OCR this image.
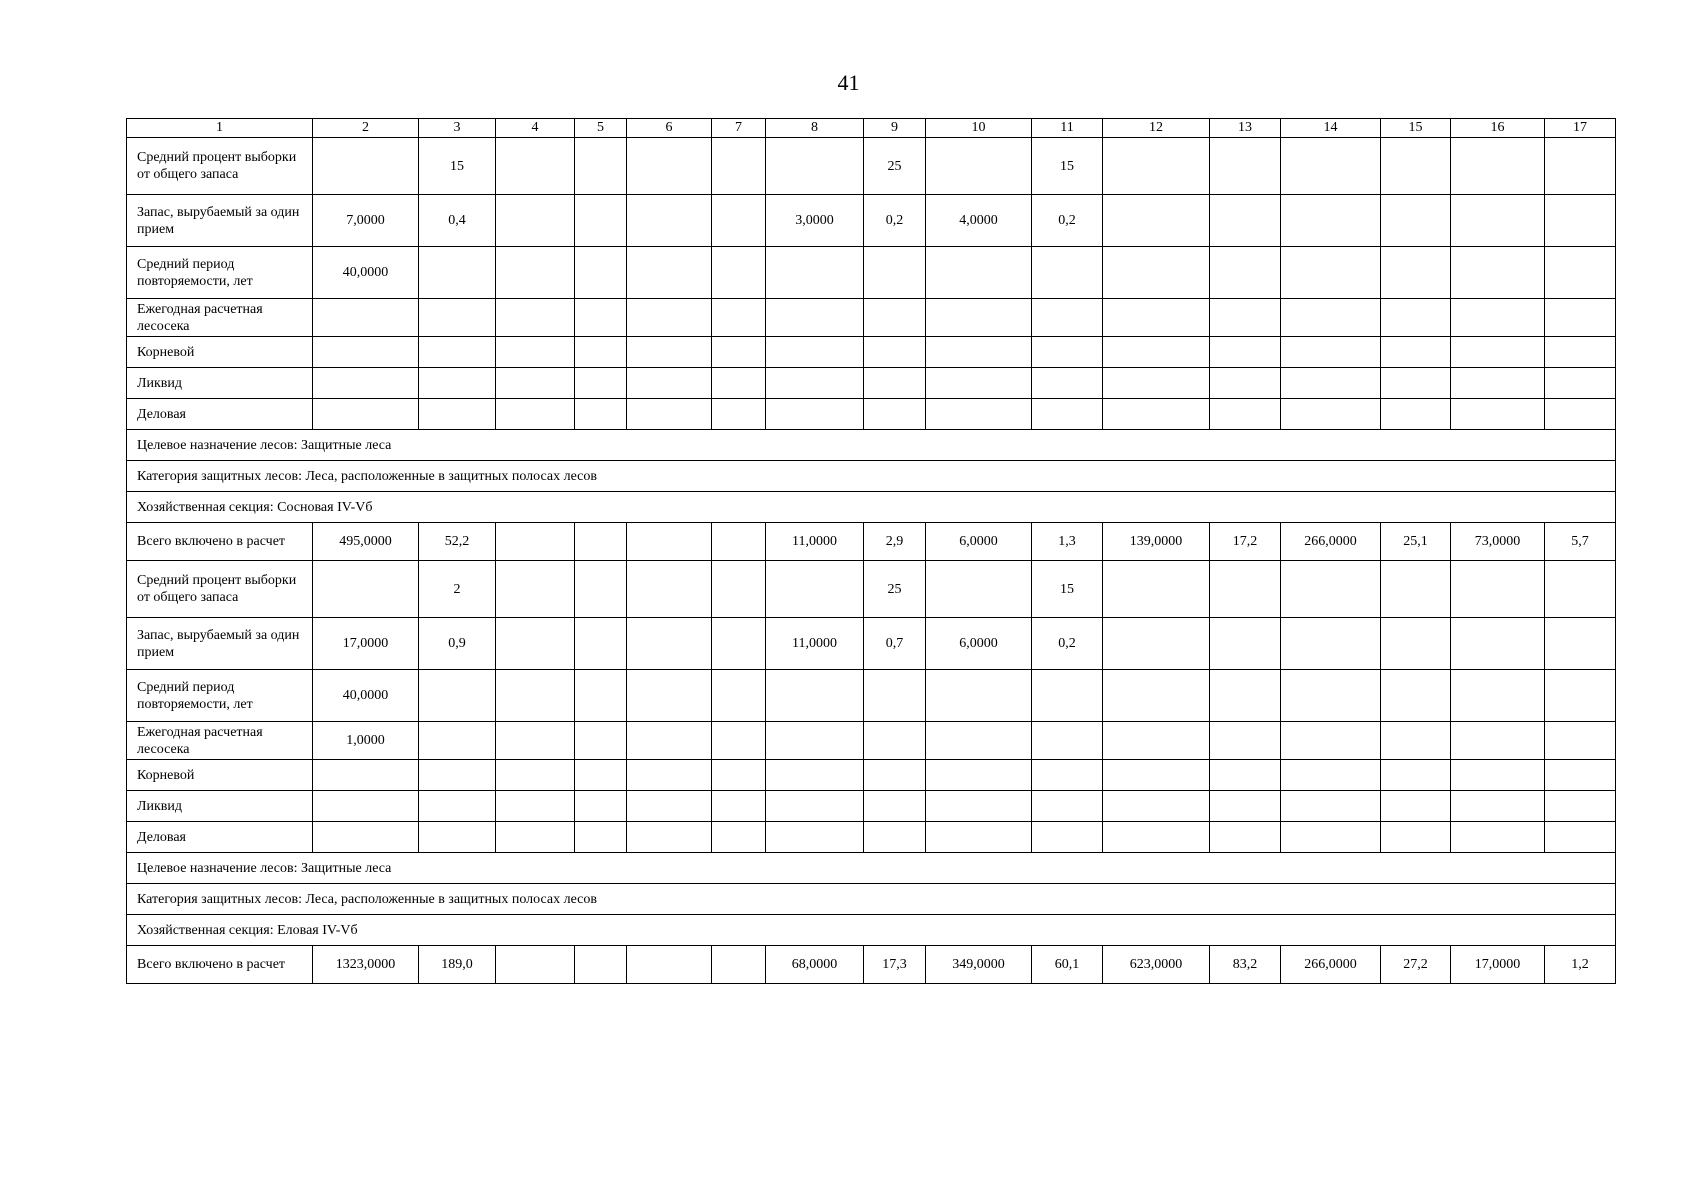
41
1	2	3	4	5	6	7	8	9	10	11	12	13	14	15	16	17
Средний процент выборки от общего запаса		15						25		15						
Запас, вырубаемый за один прием	7,0000	0,4					3,0000	0,2	4,0000	0,2						
Средний период повторяемости, лет	40,0000															
Ежегодная расчетная лесосека																
Корневой																
Ликвид																
Деловая																
Целевое назначение лесов: Защитные леса																
Категория защитных лесов: Леса, расположенные в защитных полосах лесов																
Хозяйственная секция: Сосновая IV-Vб																
Всего включено в расчет	495,0000	52,2					11,0000	2,9	6,0000	1,3	139,0000	17,2	266,0000	25,1	73,0000	5,7
Средний процент выборки от общего запаса		2						25		15						
Запас, вырубаемый за один прием	17,0000	0,9					11,0000	0,7	6,0000	0,2						
Средний период повторяемости, лет	40,0000															
Ежегодная расчетная лесосека	1,0000															
Корневой																
Ликвид																
Деловая																
Целевое назначение лесов: Защитные леса																
Категория защитных лесов: Леса, расположенные в защитных полосах лесов																
Хозяйственная секция: Еловая IV-Vб																
Всего включено в расчет	1323,0000	189,0					68,0000	17,3	349,0000	60,1	623,0000	83,2	266,0000	27,2	17,0000	1,2
